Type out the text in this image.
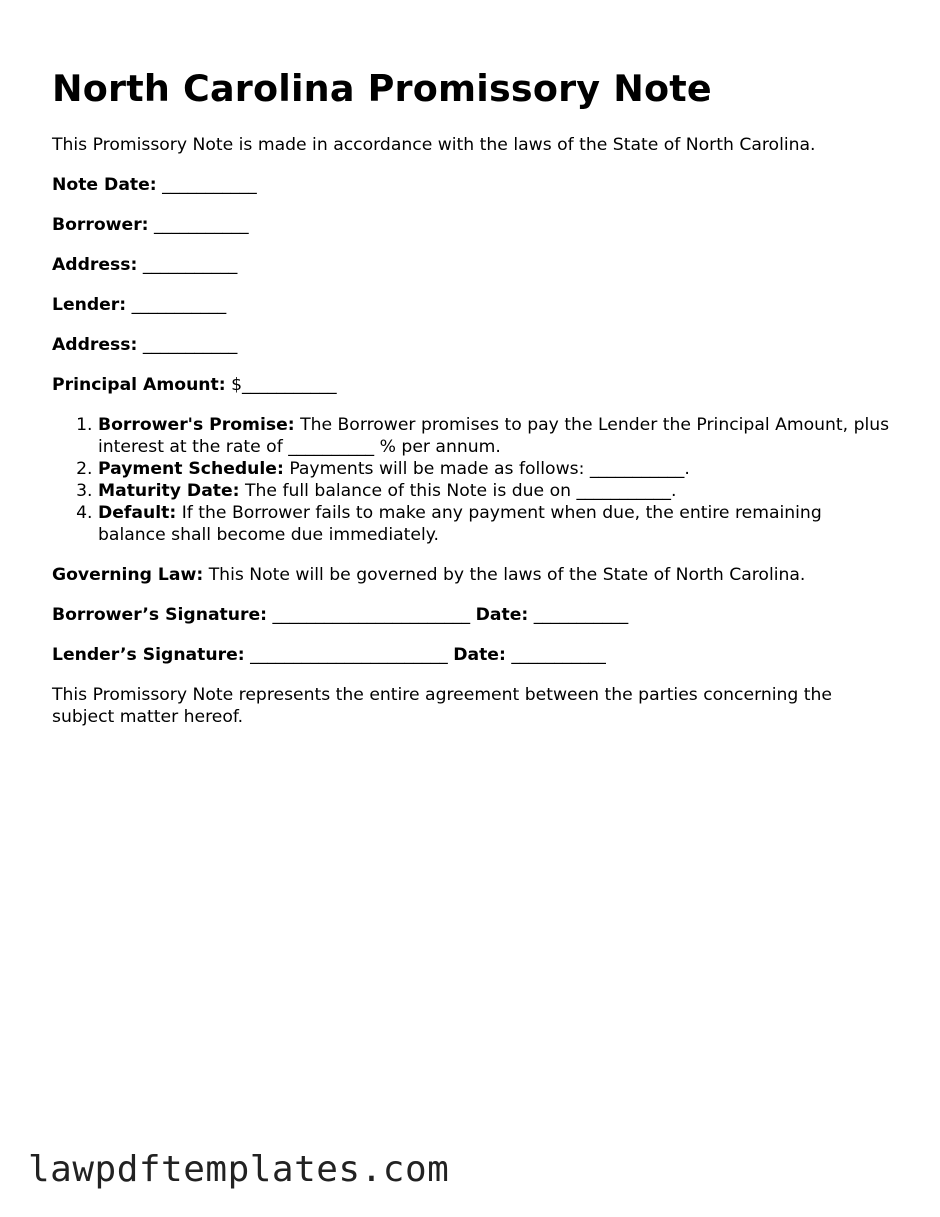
North Carolina Promissory Note

This Promissory Note is made in accordance with the laws of the State of North Carolina.

Note Date: ___________

Borrower: ___________

Address: ___________

Lender: ___________

Address: ___________

Principal Amount: $___________

1. Borrower's Promise: The Borrower promises to pay the Lender the Principal Amount, plus interest at the rate of __________ % per annum.
2. Payment Schedule: Payments will be made as follows: ___________.
3. Maturity Date: The full balance of this Note is due on ___________.
4. Default: If the Borrower fails to make any payment when due, the entire remaining balance shall become due immediately.

Governing Law: This Note will be governed by the laws of the State of North Carolina.

Borrower’s Signature: _______________________ Date: ___________

Lender’s Signature: _______________________ Date: ___________

This Promissory Note represents the entire agreement between the parties concerning the subject matter hereof.

lawpdftemplates.com
